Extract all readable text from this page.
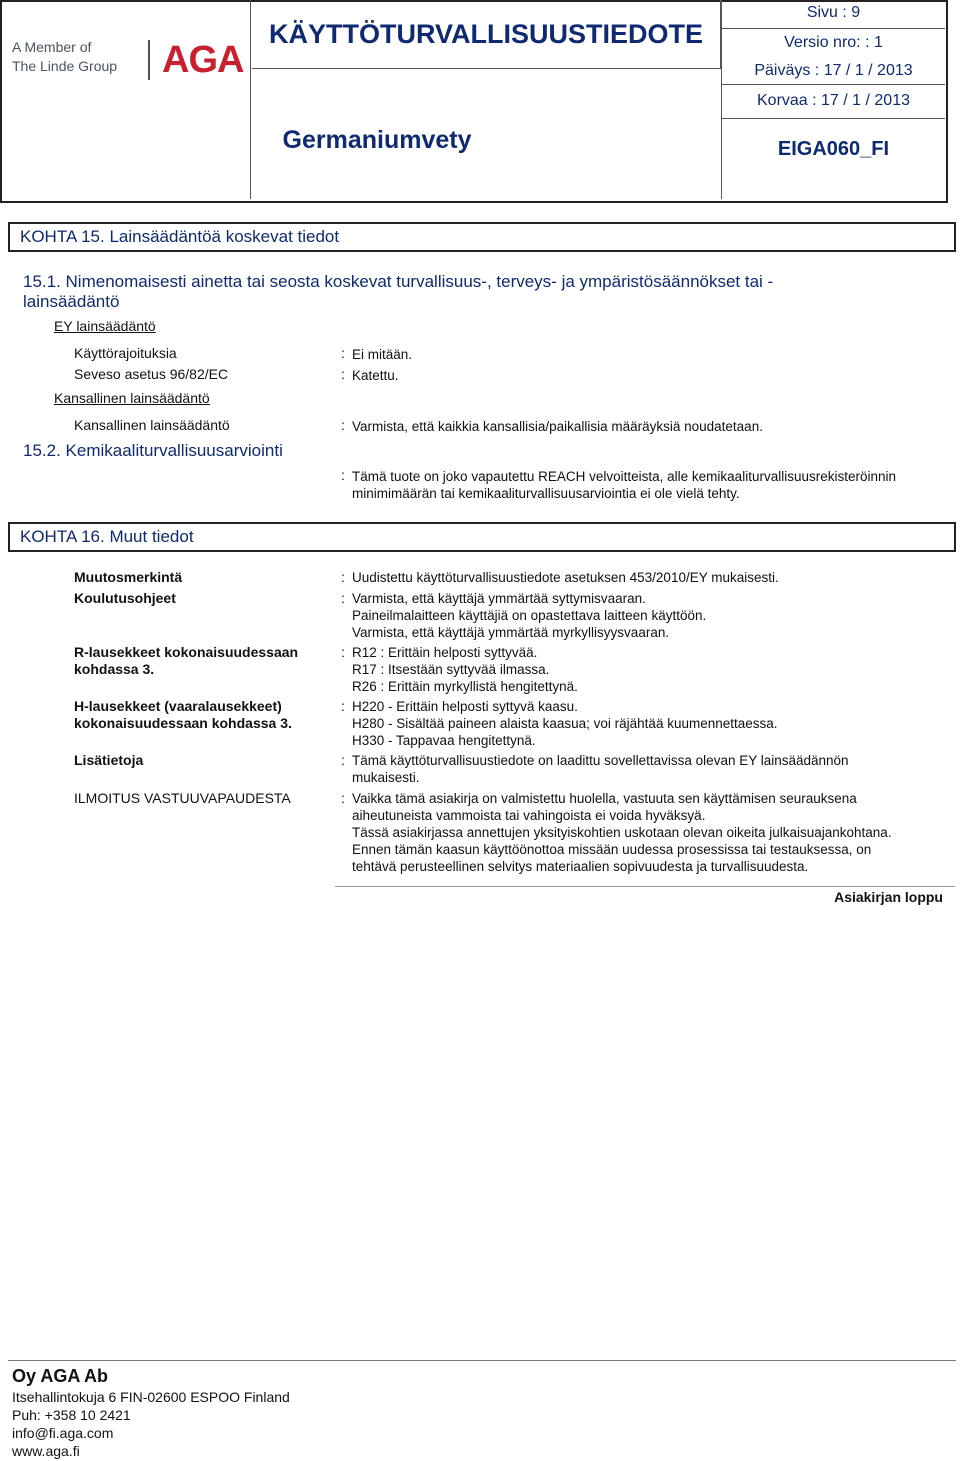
A Member of
The Linde Group AGA
KÄYTTÖTURVALLISUUSTIEDOTE
Germaniumvety
Sivu : 9
Versio nro: : 1
Päiväys : 17 / 1 / 2013
Korvaa : 17 / 1 / 2013
EIGA060_FI
KOHTA 15. Lainsäädäntöä koskevat tiedot
15.1. Nimenomaisesti ainetta tai seosta koskevat turvallisuus-, terveys- ja ympäristösäännökset tai -
lainsäädäntö
EY lainsäädäntö
Käyttörajoituksia	: Ei mitään.
Seveso asetus 96/82/EC	: Katettu.
Kansallinen lainsäädäntö
Kansallinen lainsäädäntö	: Varmista, että kaikkia kansallisia/paikallisia määräyksiä noudatetaan.
15.2. Kemikaaliturvallisuusarviointi
: Tämä tuote on joko vapautettu REACH velvoitteista, alle kemikaaliturvallisuusrekisteröinnin
minimimäärän tai kemikaaliturvallisuusarviointia ei ole vielä tehty.
KOHTA 16. Muut tiedot
Muutosmerkintä	: Uudistettu käyttöturvallisuustiedote asetuksen 453/2010/EY mukaisesti.
Koulutusohjeet	: Varmista, että käyttäjä ymmärtää syttymisvaaran.
Paineilmalaitteen käyttäjiä on opastettava laitteen käyttöön.
Varmista, että käyttäjä ymmärtää myrkyllisyysvaaran.
R-lausekkeet kokonaisuudessaan
kohdassa 3.
: R12 : Erittäin helposti syttyvää.
R17 : Itsestään syttyvää ilmassa.
R26 : Erittäin myrkyllistä hengitettynä.
H-lausekkeet (vaaralausekkeet)
kokonaisuudessaan kohdassa 3.
: H220 - Erittäin helposti syttyvä kaasu.
H280 - Sisältää paineen alaista kaasua; voi räjähtää kuumennettaessa.
H330 - Tappavaa hengitettynä.
Lisätietoja	: Tämä käyttöturvallisuustiedote on laadittu sovellettavissa olevan EY lainsäädännön
mukaisesti.
ILMOITUS VASTUUVAPAUDESTA	: Vaikka tämä asiakirja on valmistettu huolella, vastuuta sen käyttämisen seurauksena
aiheutuneista vammoista tai vahingoista ei voida hyväksyä.
Tässä asiakirjassa annettujen yksityiskohtien uskotaan olevan oikeita julkaisuajankohtana.
Ennen tämän kaasun käyttöönottoa missään uudessa prosessissa tai testauksessa, on
tehtävä perusteellinen selvitys materiaalien sopivuudesta ja turvallisuudesta.
Asiakirjan loppu
Oy AGA Ab
Itsehallintokuja 6 FIN-02600 ESPOO Finland
Puh: +358 10 2421
info@fi.aga.com
www.aga.fi
